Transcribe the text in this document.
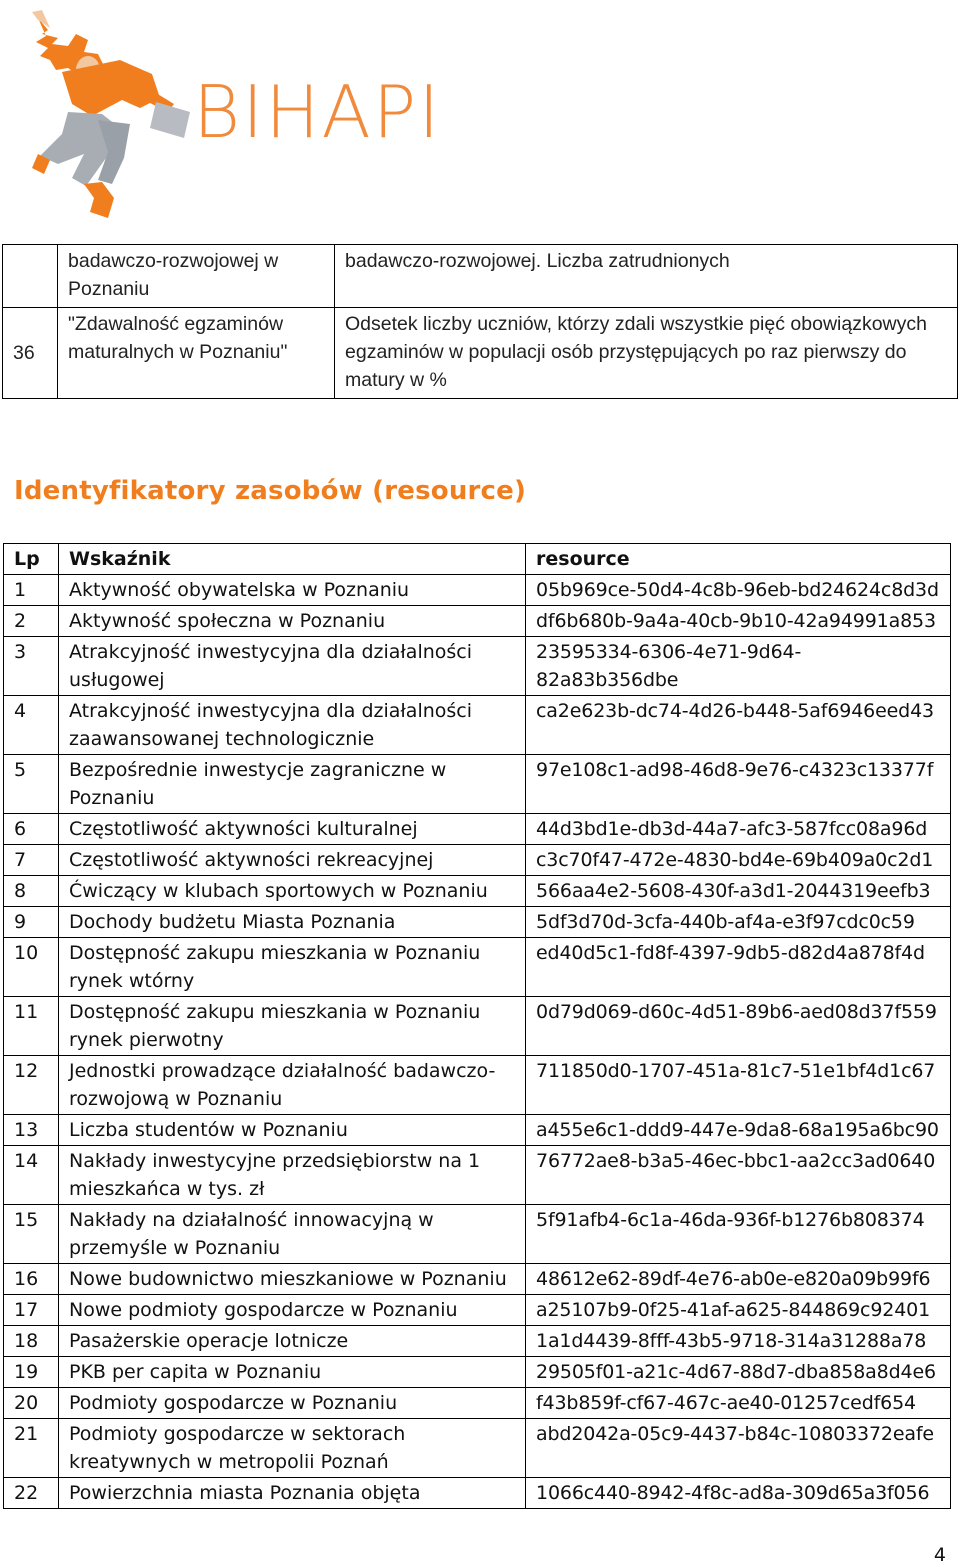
BIHAPI
	badawczo-rozwojowej w Poznaniu	badawczo-rozwojowej. Liczba zatrudnionych
36	"Zdawalność egzaminów maturalnych w Poznaniu"	Odsetek liczby uczniów, którzy zdali wszystkie pięć obowiązkowych egzaminów w populacji osób przystępujących po raz pierwszy do matury w %
Identyfikatory zasobów (resource)
Lp	Wskaźnik	resource
1	Aktywność obywatelska w Poznaniu	05b969ce-50d4-4c8b-96eb-bd24624c8d3d
2	Aktywność społeczna w Poznaniu	df6b680b-9a4a-40cb-9b10-42a94991a853
3	Atrakcyjność inwestycyjna dla działalności usługowej	23595334-6306-4e71-9d64-82a83b356dbe
4	Atrakcyjność inwestycyjna dla działalności zaawansowanej technologicznie	ca2e623b-dc74-4d26-b448-5af6946eed43
5	Bezpośrednie inwestycje zagraniczne w Poznaniu	97e108c1-ad98-46d8-9e76-c4323c13377f
6	Częstotliwość aktywności kulturalnej	44d3bd1e-db3d-44a7-afc3-587fcc08a96d
7	Częstotliwość aktywności rekreacyjnej	c3c70f47-472e-4830-bd4e-69b409a0c2d1
8	Ćwiczący w klubach sportowych w Poznaniu	566aa4e2-5608-430f-a3d1-2044319eefb3
9	Dochody budżetu Miasta Poznania	5df3d70d-3cfa-440b-af4a-e3f97cdc0c59
10	Dostępność zakupu mieszkania w Poznaniu rynek wtórny	ed40d5c1-fd8f-4397-9db5-d82d4a878f4d
11	Dostępność zakupu mieszkania w Poznaniu rynek pierwotny	0d79d069-d60c-4d51-89b6-aed08d37f559
12	Jednostki prowadzące działalność badawczo-rozwojową w Poznaniu	711850d0-1707-451a-81c7-51e1bf4d1c67
13	Liczba studentów w Poznaniu	a455e6c1-ddd9-447e-9da8-68a195a6bc90
14	Nakłady inwestycyjne przedsiębiorstw na 1 mieszkańca w tys. zł	76772ae8-b3a5-46ec-bbc1-aa2cc3ad0640
15	Nakłady na działalność innowacyjną w przemyśle w Poznaniu	5f91afb4-6c1a-46da-936f-b1276b808374
16	Nowe budownictwo mieszkaniowe w Poznaniu	48612e62-89df-4e76-ab0e-e820a09b99f6
17	Nowe podmioty gospodarcze w Poznaniu	a25107b9-0f25-41af-a625-844869c92401
18	Pasażerskie operacje lotnicze	1a1d4439-8fff-43b5-9718-314a31288a78
19	PKB per capita w Poznaniu	29505f01-a21c-4d67-88d7-dba858a8d4e6
20	Podmioty gospodarcze w Poznaniu	f43b859f-cf67-467c-ae40-01257cedf654
21	Podmioty gospodarcze w sektorach kreatywnych w metropolii Poznań	abd2042a-05c9-4437-b84c-10803372eafe
22	Powierzchnia miasta Poznania objęta	1066c440-8942-4f8c-ad8a-309d65a3f056
4
